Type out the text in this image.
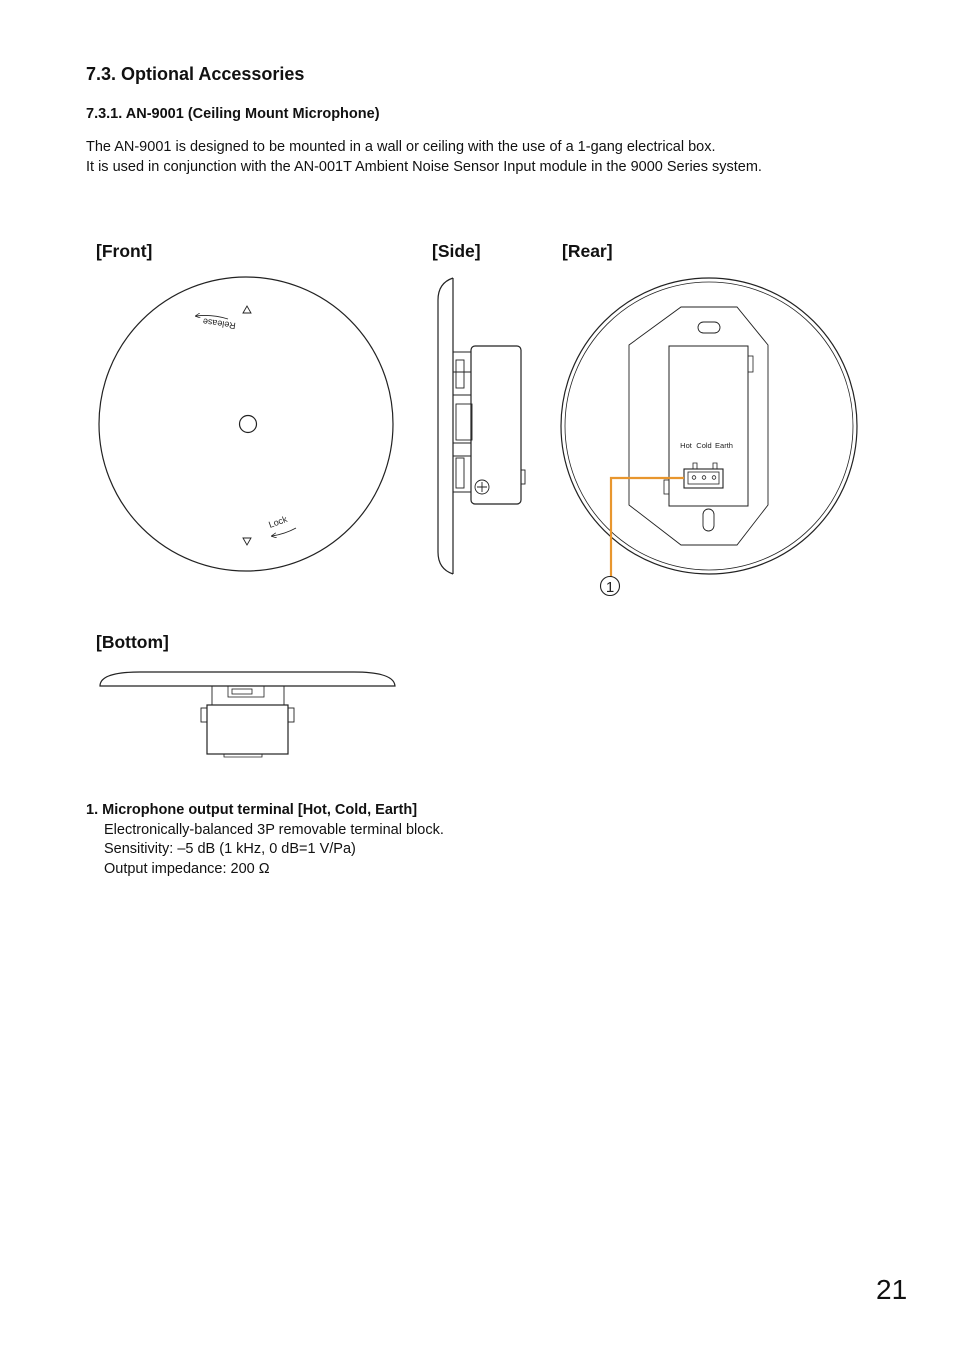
7.3. Optional Accessories
7.3.1. AN-9001 (Ceiling Mount Microphone)
The AN-9001 is designed to be mounted in a wall or ceiling with the use of a 1-gang electrical box.
It is used in conjunction with the AN-001T Ambient Noise Sensor Input module in the 9000 Series system.
[Front]	[Side]	[Rear]
[Bottom]
Release
Lock
Hot Cold Earth
1
1. Microphone output terminal [Hot, Cold, Earth]
Electronically-balanced 3P removable terminal block.
Sensitivity: –5 dB (1 kHz, 0 dB=1 V/Pa)
Output impedance: 200 Ω
21
